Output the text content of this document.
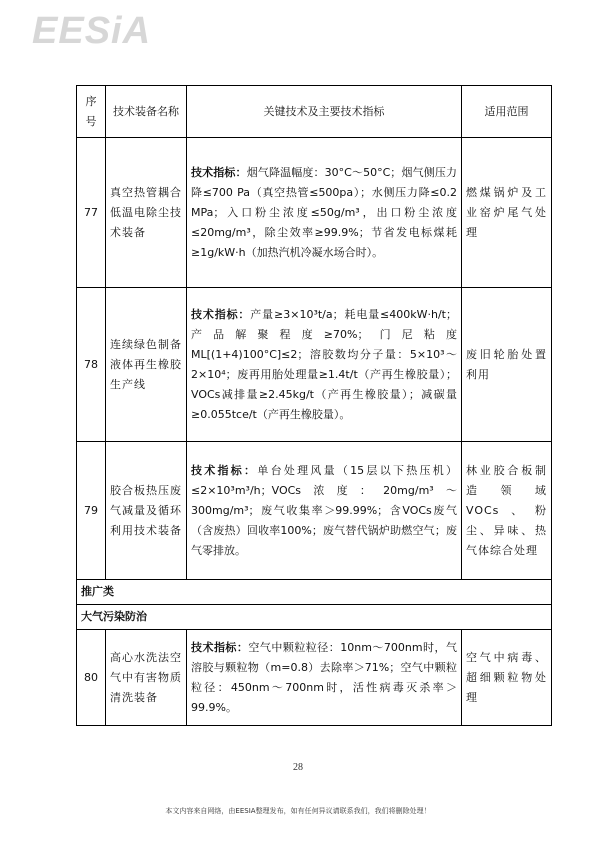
EESiA
序号	技术装备名称	关键技术及主要技术指标	适用范围
77	真空热管耦合低温电除尘技术装备	技术指标：烟气降温幅度：30°C～50°C；烟气侧压力降≤700 Pa（真空热管≤500pa）；水侧压力降≤0.2 MPa；入口粉尘浓度≤50g/m³，出口粉尘浓度≤20mg/m³，除尘效率≥99.9%；节省发电标煤耗≥1g/kW·h（加热汽机冷凝水场合时）。	燃煤锅炉及工业窑炉尾气处理
78	连续绿色制备液体再生橡胶生产线	技术指标：产量≥3×10³t/a；耗电量≤400kW·h/t；产品解聚程度≥70%；门尼粘度ML[(1+4)100°C]≤2；溶胶数均分子量：5×10³～2×10⁴；废再用胎处理量≥1.4t/t（产再生橡胶量）；VOCs减排量≥2.45kg/t（产再生橡胶量）；减碳量≥0.055tce/t（产再生橡胶量）。	废旧轮胎处置利用
79	胶合板热压废气减量及循环利用技术装备	技术指标：单台处理风量（15层以下热压机）≤2×10³m³/h；VOCs浓度：20mg/m³～300mg/m³；废气收集率＞99.99%；含VOCs废气（含废热）回收率100%；废气替代锅炉助燃空气；废气零排放。	林业胶合板制造领域VOCs、粉尘、异味、热气体综合处理
推广类			
大气污染防治			
80	高心水洗法空气中有害物质清洗装备	技术指标：空气中颗粒粒径：10nm～700nm时，气溶胶与颗粒物（m=0.8）去除率＞71%；空气中颗粒粒径：450nm～700nm时，活性病毒灭杀率＞99.9%。	空气中病毒、超细颗粒物处理
28
本文内容来自网络，由EESIA整理发布，如有任何异议请联系我们，我们将删除处理！
